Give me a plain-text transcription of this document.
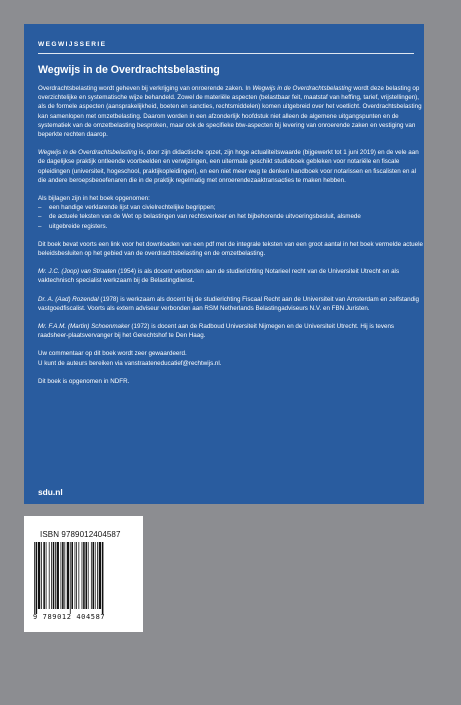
WEGWIJSSERIE
Wegwijs in de Overdrachtsbelasting

Overdrachtsbelasting wordt geheven bij verkrijging van onroerende zaken. In Wegwijs in de Overdrachtsbelasting wordt deze belasting op overzichtelijke en systematische wijze behandeld. Zowel de materiële aspecten (belastbaar feit, maatstaf van heffing, tarief, vrijstellingen), als de formele aspecten (aansprakelijkheid, boeten en sancties, rechtsmiddelen) komen uitgebreid over het voetlicht. Overdrachtsbelasting kan samenlopen met omzetbelasting. Daarom worden in een afzonderlijk hoofdstuk niet alleen de algemene uitgangspunten en de systematiek van de omzetbelasting besproken, maar ook de specifieke btw-aspecten bij levering van onroerende zaken en vestiging van beperkte rechten daarop.

Wegwijs in de Overdrachtsbelasting is, door zijn didactische opzet, zijn hoge actualiteitswaarde (bijgewerkt tot 1 juni 2019) en de vele aan de dagelijkse praktijk ontleende voorbeelden en verwijzingen, een uitermate geschikt studieboek gebleken voor notariële en fiscale opleidingen (universiteit, hogeschool, praktijkopleidingen), en een niet meer weg te denken handboek voor notarissen en fiscalisten en al die andere beroepsbeoefenaren die in de praktijk regelmatig met onroerendezaaktransacties te maken hebben.

Als bijlagen zijn in het boek opgenomen:

– een handige verklarende lijst van civielrechtelijke begrippen;
– de actuele teksten van de Wet op belastingen van rechtsverkeer en het bijbehorende uitvoeringsbesluit, alsmede
– uitgebreide registers.

Dit boek bevat voorts een link voor het downloaden van een pdf met de integrale teksten van een groot aantal in het boek vermelde actuele beleidsbesluiten op het gebied van de overdrachtsbelasting en de omzetbelasting.

Mr. J.C. (Joop) van Straaten (1954) is als docent verbonden aan de studierichting Notarieel recht van de Universiteit Utrecht en als vaktechnisch specialist werkzaam bij de Belastingdienst.

Dr. A. (Aad) Rozendal (1978) is werkzaam als docent bij de studierichting Fiscaal Recht aan de Universiteit van Amsterdam en zelfstandig vastgoedfiscalist. Voorts als extern adviseur verbonden aan RSM Netherlands Belastingadviseurs N.V. en FBN Juristen.

Mr. F.A.M. (Martin) Schoenmaker (1972) is docent aan de Radboud Universiteit Nijmegen en de Universiteit Utrecht. Hij is tevens raadsheer-plaatsvervanger bij het Gerechtshof te Den Haag.

Uw commentaar op dit boek wordt zeer gewaardeerd.

U kunt de auteurs bereiken via vanstraateneducatief@rechtwijs.nl.

Dit boek is opgenomen in NDFR.

sdu.nl
ISBN 9789012404587
9 789012 404587
